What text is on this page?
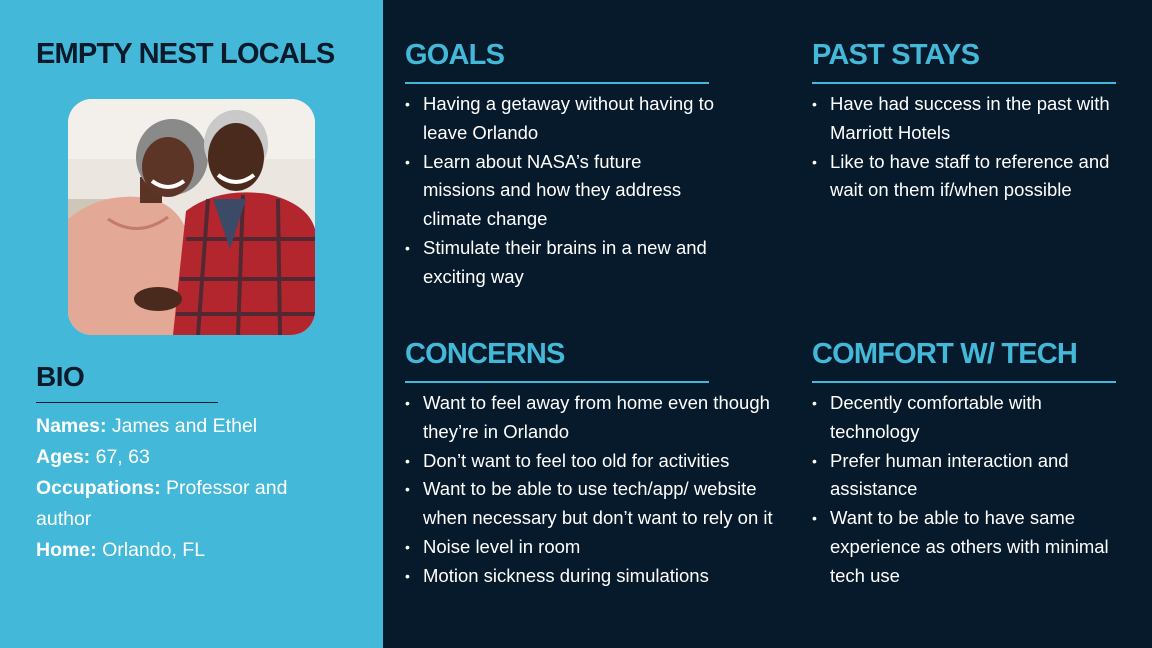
EMPTY NEST LOCALS
BIO
Names: James and Ethel
Ages: 67, 63
Occupations: Professor and author
Home: Orlando, FL
GOALS
• Having a getaway without having to leave Orlando
• Learn about NASA’s future missions and how they address climate change
• Stimulate their brains in a new and exciting way
PAST STAYS
• Have had success in the past with Marriott Hotels
• Like to have staff to reference and wait on them if/when possible
CONCERNS
• Want to feel away from home even though they’re in Orlando
• Don’t want to feel too old for activities
• Want to be able to use tech/app/ website when necessary but don’t want to rely on it
• Noise level in room
• Motion sickness during simulations
COMFORT W/ TECH
• Decently comfortable with technology
• Prefer human interaction and assistance
• Want to be able to have same experience as others with minimal tech use
